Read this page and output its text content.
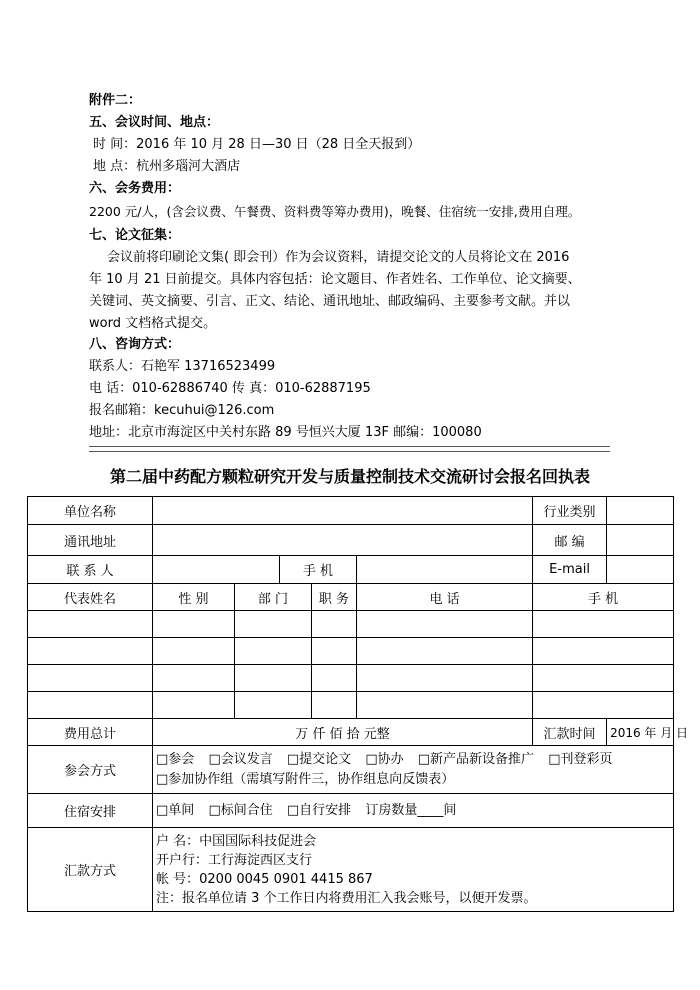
附件二：
五、会议时间、地点：
时 间：2016 年 10 月 28 日—30 日（28 日全天报到）
地 点：杭州多瑙河大酒店
六、会务费用：
2200 元/人，(含会议费、午餐费、资料费等筹办费用)，晚餐、住宿统一安排,费用自理。
七、论文征集：
会议前将印刷论文集( 即会刊）作为会议资料，请提交论文的人员将论文在 2016
年 10 月 21 日前提交。具体内容包括：论文题目、作者姓名、工作单位、论文摘要、
关键词、英文摘要、引言、正文、结论、通讯地址、邮政编码、主要参考文献。并以
word 文档格式提交。
八、咨询方式：
联系人：石艳军 13716523499
电 话：010-62886740 传 真：010-62887195
报名邮箱：kecuhui@126.com
地址：北京市海淀区中关村东路 89 号恒兴大厦 13F 邮编：100080
第二届中药配方颗粒研究开发与质量控制技术交流研讨会报名回执表
单位名称						行业类别	
通讯地址						邮 编	
联 系 人			手 机			E-mail	
代表姓名	性 别	部 门		职 务	电 话	手 机	

费用总计	万 仟 佰 拾 元整					汇款时间	2016 年 月 日
参会方式	□参会 □会议发言 □提交论文 □协办 □新产品新设备推广 □刊登彩页
□参加协作组（需填写附件三，协作组息向反馈表）						

住宿安排	□单间 □标间合住 □自行安排 订房数量____间						
汇款方式	户 名：中国国际科技促进会
开户行：工行海淀西区支行
帐 号：0200 0045 0901 4415 867
注：报名单位请 3 个工作日内将费用汇入我会账号，以便开发票。						
